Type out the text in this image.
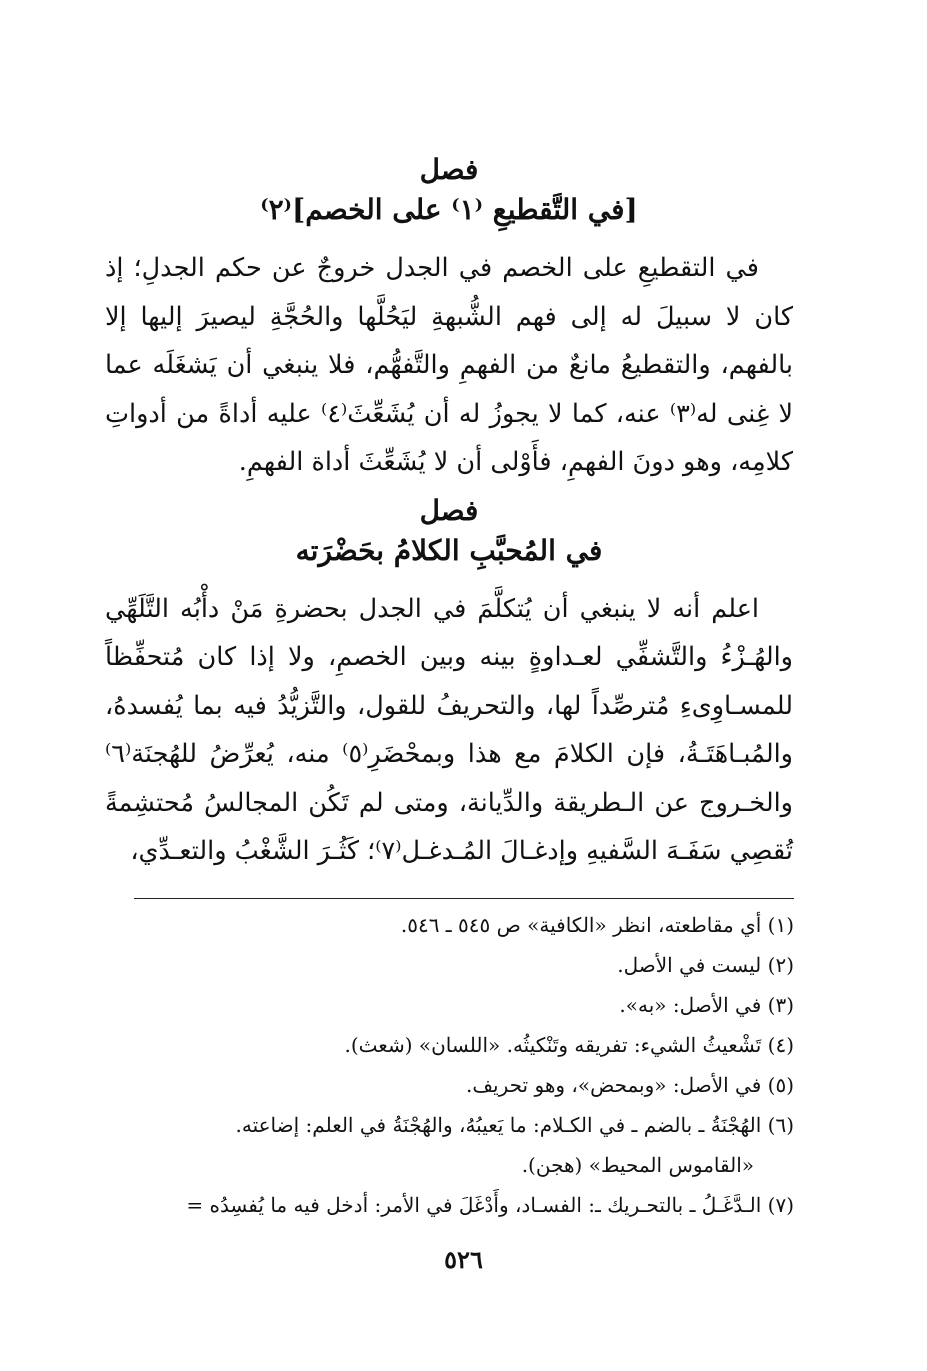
فصل
[في التَّقطيعِ ⁽١⁾ على الخصم]⁽٢⁾

في التقطيعِ على الخصم في الجدل خروجٌ عن حكم الجدلِ؛ إذ كان لا سبيلَ له إلى فهم الشُّبهةِ ليَحُلَّها والحُجَّةِ ليصيرَ إليها إلا بالفهم، والتقطيعُ مانعٌ من الفهمِ والتَّفهُّم، فلا ينبغي أن يَشغَلَه عما لا غِنى له⁽٣⁾ عنه، كما لا يجوزُ له أن يُشَعِّثَ⁽٤⁾ عليه أداةً من أدواتِ كلامِه، وهو دونَ الفهمِ، فأَوْلى أن لا يُشَعِّثَ أداة الفهمِ.

فصل
في المُحبَّبِ الكلامُ بحَضْرَته

اعلم أنه لا ينبغي أن يُتكلَّمَ في الجدل بحضرةِ مَنْ دأْبُه التَّلَهِّي والهُـزْءُ والتَّشفِّي لعـداوةٍ بينه وبين الخصمِ، ولا إذا كان مُتحفِّظاً للمسـاوِىءِ مُترصِّداً لها، والتحريفُ للقول، والتَّزيُّدُ فيه بما يُفسدهُ، والمُبـاهَتَـةُ، فإن الكلامَ مع هذا وبمحْضَرِ⁽٥⁾ منه، يُعرِّضُ للهُجنَة⁽٦⁾ والخـروج عن الـطريقة والدِّيانة، ومتى لم تَكُن المجالسُ مُحتشِمةً تُقصِي سَفَـهَ السَّفيهِ وإدغـالَ المُـدغـل⁽٧⁾؛ كَثُـرَ الشَّغْبُ والتعـدِّي،

(١) أي مقاطعته، انظر «الكافية» ص ٥٤٥ ـ ٥٤٦.

(٢) ليست في الأصل.

(٣) في الأصل: «به».

(٤) تَشْعيثُ الشيء: تفريقه وتَنْكيثُه. «اللسان» (شعث).

(٥) في الأصل: «وبمحض»، وهو تحريف.

(٦) الهُجْنَةُ ـ بالضم ـ في الكـلام: ما يَعيبُهُ، والهُجْنَةُ في العلم: إضاعته.

«القاموس المحيط» (هجن).

(٧) الـدَّغَـلُ ـ بالتحـريك ـ: الفسـاد، وأَدْغَلَ في الأمر: أدخل فيه ما يُفسِدُه =

٥٢٦
